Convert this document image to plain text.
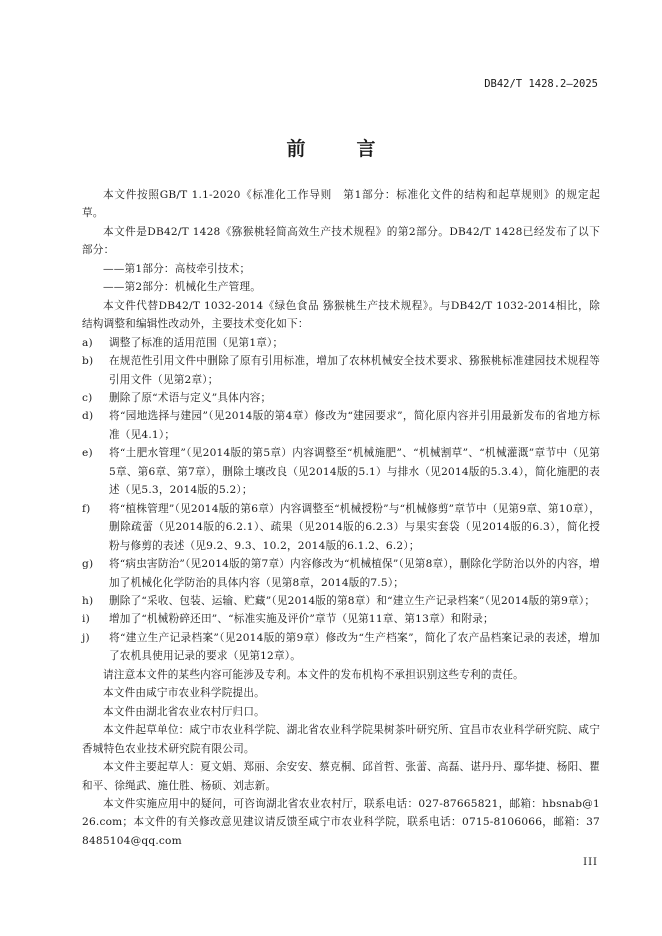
DB42/T 1428.2—2025
前　言

本文件按照GB/T 1.1-2020《标准化工作导则　第1部分：标准化文件的结构和起草规则》的规定起草。

本文件是DB42/T 1428《猕猴桃轻简高效生产技术规程》的第2部分。DB42/T 1428已经发布了以下部分：

——第1部分：高枝牵引技术；

——第2部分：机械化生产管理。

本文件代替DB42/T 1032-2014《绿色食品 猕猴桃生产技术规程》。与DB42/T 1032-2014相比，除结构调整和编辑性改动外，主要技术变化如下：

a)	调整了标准的适用范围（见第1章）；
b)	在规范性引用文件中删除了原有引用标准，增加了农林机械安全技术要求、猕猴桃标准建园技术规程等引用文件（见第2章）；
c)	删除了原“术语与定义”具体内容；
d)	将“园地选择与建园”（见2014版的第4章）修改为“建园要求”，简化原内容并引用最新发布的省地方标准（见4.1）；
e)	将“土肥水管理”（见2014版的第5章）内容调整至“机械施肥”、“机械割草”、“机械灌溉”章节中（见第5章、第6章、第7章），删除土壤改良（见2014版的5.1）与排水（见2014版的5.3.4），简化施肥的表述（见5.3，2014版的5.2）；
f)	将“植株管理”（见2014版的第6章）内容调整至“机械授粉”与“机械修剪”章节中（见第9章、第10章），删除疏蕾（见2014版的6.2.1）、疏果（见2014版的6.2.3）与果实套袋（见2014版的6.3），简化授粉与修剪的表述（见9.2、9.3、10.2，2014版的6.1.2、6.2）；
g)	将“病虫害防治”（见2014版的第7章）内容修改为“机械植保”（见第8章），删除化学防治以外的内容，增加了机械化化学防治的具体内容（见第8章，2014版的7.5）；
h)	删除了“采收、包装、运输、贮藏”（见2014版的第8章）和“建立生产记录档案”（见2014版的第9章）；
i)	增加了“机械粉碎还田”、“标准实施及评价”章节（见第11章、第13章）和附录；
j)	将“建立生产记录档案”（见2014版的第9章）修改为“生产档案”，简化了农产品档案记录的表述，增加了农机具使用记录的要求（见第12章）。

请注意本文件的某些内容可能涉及专利。本文件的发布机构不承担识别这些专利的责任。

本文件由咸宁市农业科学院提出。

本文件由湖北省农业农村厅归口。

本文件起草单位：咸宁市农业科学院、湖北省农业科学院果树茶叶研究所、宜昌市农业科学研究院、咸宁香城特色农业技术研究院有限公司。

本文件主要起草人：夏文娟、郑丽、余安安、蔡克桐、邱首哲、张蕾、高磊、谌丹丹、鄢华捷、杨阳、瞿和平、徐绳武、施仕胜、杨硕、刘志新。

本文件实施应用中的疑问，可咨询湖北省农业农村厅，联系电话：027-87665821，邮箱：hbsnab@126.com；本文件的有关修改意见建议请反馈至咸宁市农业科学院，联系电话：0715-8106066，邮箱：378485104@qq.com

III
